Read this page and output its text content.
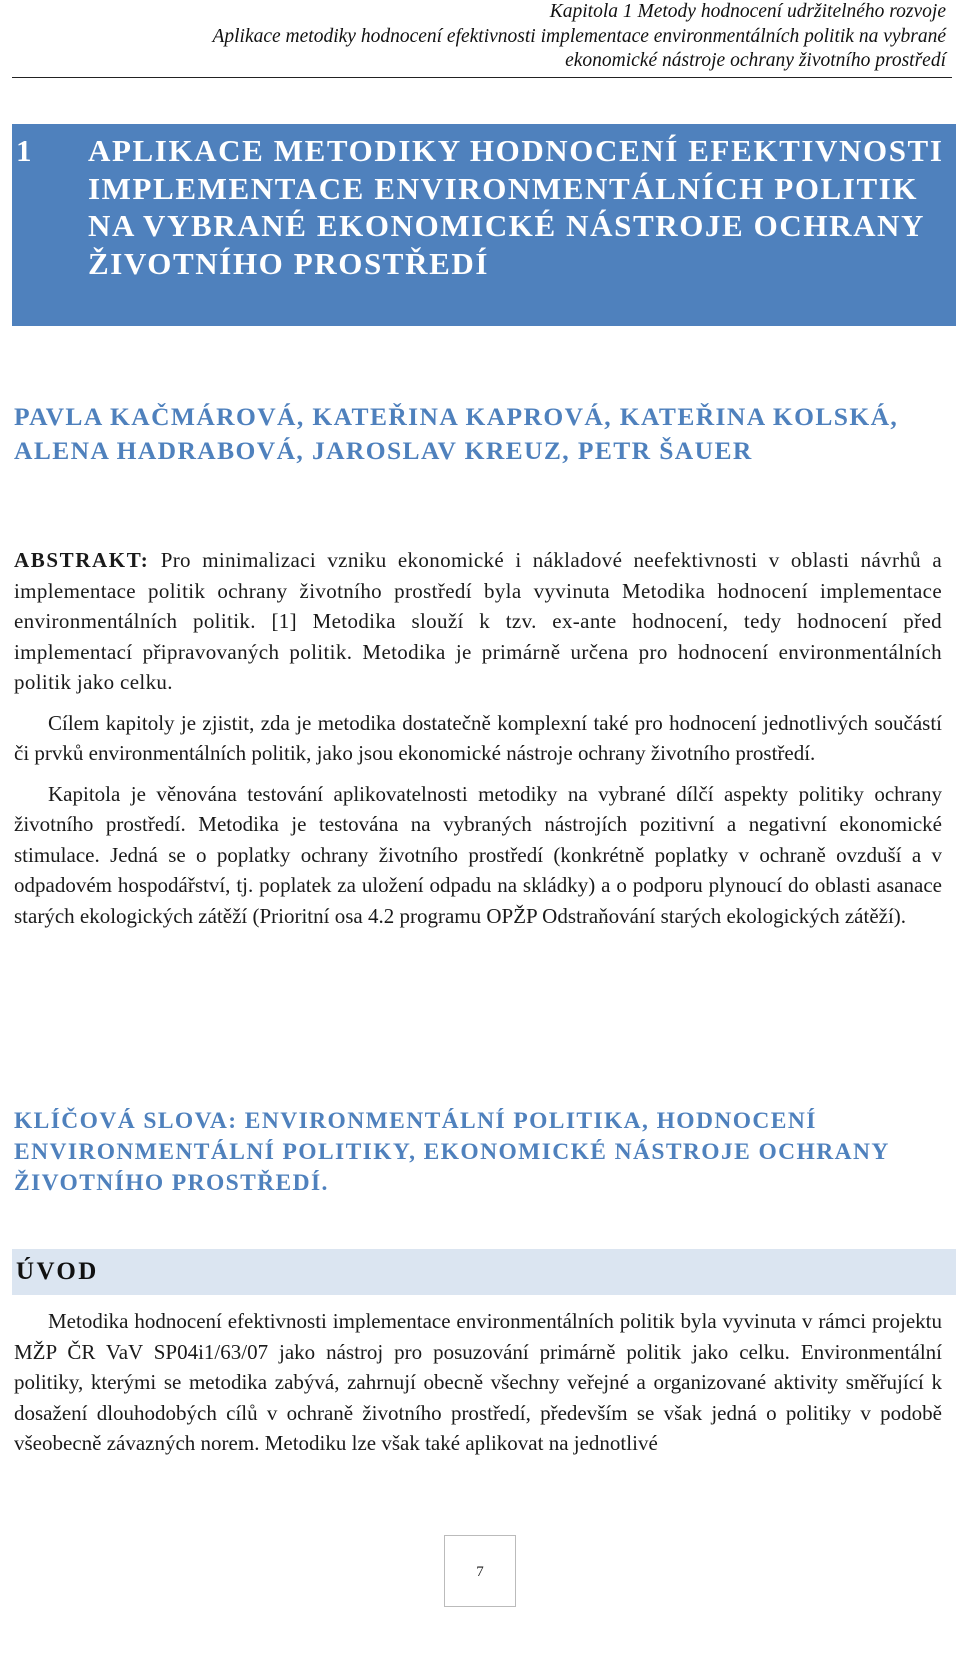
Kapitola 1 Metody hodnocení udržitelného rozvoje
Aplikace metodiky hodnocení efektivnosti implementace environmentálních politik na vybrané
ekonomické nástroje ochrany životního prostředí
1 APLIKACE METODIKY HODNOCENÍ EFEKTIVNOSTI IMPLEMENTACE ENVIRONMENTÁLNÍCH POLITIK NA VYBRANÉ EKONOMICKÉ NÁSTROJE OCHRANY ŽIVOTNÍHO PROSTŘEDÍ
PAVLA KAČMÁROVÁ, KATEŘINA KAPROVÁ, KATEŘINA KOLSKÁ, ALENA HADRABOVÁ, JAROSLAV KREUZ, PETR ŠAUER

ABSTRAKT: Pro minimalizaci vzniku ekonomické i nákladové neefektivnosti v oblasti návrhů a implementace politik ochrany životního prostředí byla vyvinuta Metodika hodnocení implementace environmentálních politik. [1] Metodika slouží k tzv. ex-ante hodnocení, tedy hodnocení před implementací připravovaných politik. Metodika je primárně určena pro hodnocení environmentálních politik jako celku.

Cílem kapitoly je zjistit, zda je metodika dostatečně komplexní také pro hodnocení jednotlivých součástí či prvků environmentálních politik, jako jsou ekonomické nástroje ochrany životního prostředí.

Kapitola je věnována testování aplikovatelnosti metodiky na vybrané dílčí aspekty politiky ochrany životního prostředí. Metodika je testována na vybraných nástrojích pozitivní a negativní ekonomické stimulace. Jedná se o poplatky ochrany životního prostředí (konkrétně poplatky v ochraně ovzduší a v odpadovém hospodářství, tj. poplatek za uložení odpadu na skládky) a o podporu plynoucí do oblasti asanace starých ekologických zátěží (Prioritní osa 4.2 programu OPŽP Odstraňování starých ekologických zátěží).

KLÍČOVÁ SLOVA: ENVIRONMENTÁLNÍ POLITIKA, HODNOCENÍ ENVIRONMENTÁLNÍ POLITIKY, EKONOMICKÉ NÁSTROJE OCHRANY ŽIVOTNÍHO PROSTŘEDÍ.
ÚVOD

Metodika hodnocení efektivnosti implementace environmentálních politik byla vyvinuta v rámci projektu MŽP ČR VaV SP04i1/63/07 jako nástroj pro posuzování primárně politik jako celku. Environmentální politiky, kterými se metodika zabývá, zahrnují obecně všechny veřejné a organizované aktivity směřující k dosažení dlouhodobých cílů v ochraně životního prostředí, především se však jedná o politiky v podobě všeobecně závazných norem. Metodiku lze však také aplikovat na jednotlivé

7
